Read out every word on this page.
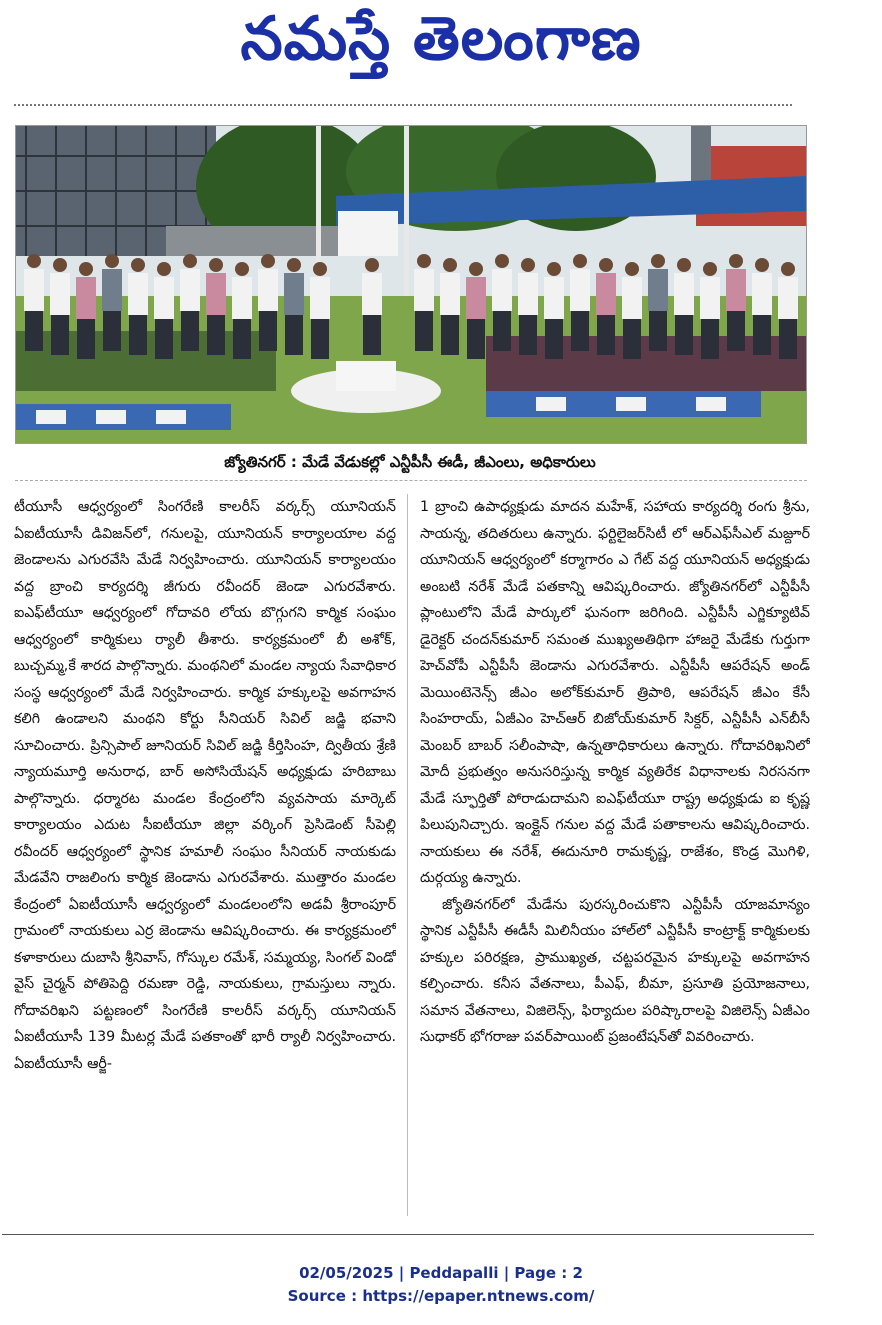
నమస్తే తెలంగాణ
జ్యోతినగర్ : మేడే వేడుకల్లో ఎన్టీపీసీ ఈడీ, జీఎంలు, అధికారులు

టీయూసీ ఆధ్వర్యంలో సింగరేణి కాలరీస్ వర్కర్స్ యూనియన్ ఏఐటీయూసీ డివిజన్‌లో, గనులపై, యూనియన్ కార్యాలయాల వద్ద జెండాలను ఎగురవేసి మేడే నిర్వహించారు. యూనియన్ కార్యాలయం వద్ద బ్రాంచి కార్యదర్శి జీగురు రవీందర్ జెండా ఎగురవేశారు. ఐఎఫ్‌టీయూ ఆధ్వర్యంలో గోదావరి లోయ బొగ్గుగని కార్మిక సంఘం ఆధ్వర్యంలో కార్మికులు ర్యాలీ తీశారు. కార్యక్రమంలో బీ అశోక్, బుచ్చమ్మ,కే శారద పాల్గొన్నారు. మంథనిలో మండల న్యాయ సేవాధికార సంస్థ ఆధ్వర్యంలో మేడే నిర్వహించారు. కార్మిక హక్కులపై అవగాహన కలిగి ఉండాలని మంథని కోర్టు సీనియర్ సివిల్ జడ్జి భవాని సూచించారు. ప్రిన్సిపాల్ జూనియర్ సివిల్ జడ్జి కీర్తిసింహ, ద్వితీయ శ్రేణి న్యాయమూర్తి అనురాధ, బార్ అసోసియేషన్ అధ్యక్షుడు హరిబాబు పాల్గొన్నారు. ధర్మారట మండల కేంద్రంలోని వ్యవసాయ మార్కెట్ కార్యాలయం ఎదుట సీఐటీయూ జిల్లా వర్కింగ్ ప్రెసిడెంట్ సీపెల్లి రవీందర్ ఆధ్వర్యంలో స్థానిక హమాలీ సంఘం సీనియర్ నాయకుడు మేడవేని రాజలింగు కార్మిక జెండాను ఎగురవేశారు. ముత్తారం మండల కేంద్రంలో ఏఐటీయూసీ ఆధ్వర్యంలో మండలంలోని అడవీ శ్రీరాంపూర్ గ్రామంలో నాయకులు ఎర్ర జెండాను ఆవిష్కరించారు. ఈ కార్యక్రమంలో కళాకారులు దుబాసి శ్రీనివాస్, గోస్కుల రమేశ్, సమ్మయ్య, సింగల్ విండో వైస్ చైర్మన్ పోతిపెద్ది రమణా రెడ్డి, నాయకులు, గ్రామస్తులు న్నారు. గోదావరిఖని పట్టణంలో సింగరేణి కాలరీస్ వర్కర్స్ యూనియన్ ఏఐటీయూసీ 139 మీటర్ల మేడే పతకాంతో భారీ ర్యాలీ నిర్వహించారు. ఏఐటీయూసీ ఆర్జీ-

1 బ్రాంచి ఉపాధ్యక్షుడు మాదన మహేశ్, సహాయ కార్యదర్శి రంగు శ్రీను, సాయన్న, తదితరులు ఉన్నారు. ఫర్టిలైజర్‌సిటీ లో ఆర్‌ఎఫ్‌సీఎల్ మజ్దూర్ యూనియన్ ఆధ్వర్యంలో కర్మాగారం ఎ గేట్ వద్ద యూనియన్ అధ్యక్షుడు అంబటి నరేశ్ మేడే పతకాన్ని ఆవిష్కరించారు. జ్యోతినగర్‌లో ఎన్టీపీసీ ప్లాంటులోని మేడే పార్కులో ఘనంగా జరిగింది. ఎన్టీపీసీ ఎగ్జిక్యూటివ్ డైరెక్టర్ చందన్‌కుమార్ సమంత ముఖ్యఅతిథిగా హాజరై మేడేకు గుర్తుగా హెచ్‌వోపీ ఎన్టీపీసీ జెండాను ఎగురవేశారు. ఎన్టీపీసీ ఆపరేషన్ అండ్ మెయింటెనెన్స్ జీఎం అలోక్‌కుమార్ త్రిపాఠి, ఆపరేషన్ జీఎం కేసీ సింహరాయ్, ఏజీఎం హెచ్‌ఆర్ బిజోయ్‌కుమార్ సిక్దర్, ఎన్టీపీసీ ఎన్‌బీసీ మెంబర్ బాబర్ సలీంపాషా, ఉన్నతాధికారులు ఉన్నారు. గోదావరిఖనిలో మోదీ ప్రభుత్వం అనుసరిస్తున్న కార్మిక వ్యతిరేక విధానాలకు నిరసనగా మేడే స్ఫూర్తితో పోరాడుదామని ఐఎఫ్‌టీయూ రాష్ట్ర అధ్యక్షుడు ఐ కృష్ణ పిలుపునిచ్చారు. ఇంక్లైన్ గనుల వద్ద మేడే పతాకాలను ఆవిష్కరించారు. నాయకులు ఈ నరేశ్, ఈదునూరి రామకృష్ణ, రాజేశం, కొండ్ర మొగిళి, దుర్గయ్య ఉన్నారు.

జ్యోతినగర్‌లో మేడేను పురస్కరించుకొని ఎన్టీపీసీ యాజమాన్యం స్థానిక ఎన్టీపీసీ ఈడీసీ మిలినీయం హాల్‌లో ఎన్టీపీసీ కాంట్రాక్ట్ కార్మికులకు హక్కుల పరిరక్షణ, ప్రాముఖ్యత, చట్టపరమైన హక్కులపై అవగాహన కల్పించారు. కనీస వేతనాలు, పీఎఫ్, బీమా, ప్రసూతి ప్రయోజనాలు, సమాన వేతనాలు, విజిలెన్స్, ఫిర్యాదుల పరిష్కారాలపై విజిలెన్స్ ఏజీఎం సుధాకర్ భోగరాజు పవర్‌పాయింట్ ప్రజంటేషన్‌తో వివరించారు.

02/05/2025 | Peddapalli | Page : 2
Source : https://epaper.ntnews.com/
